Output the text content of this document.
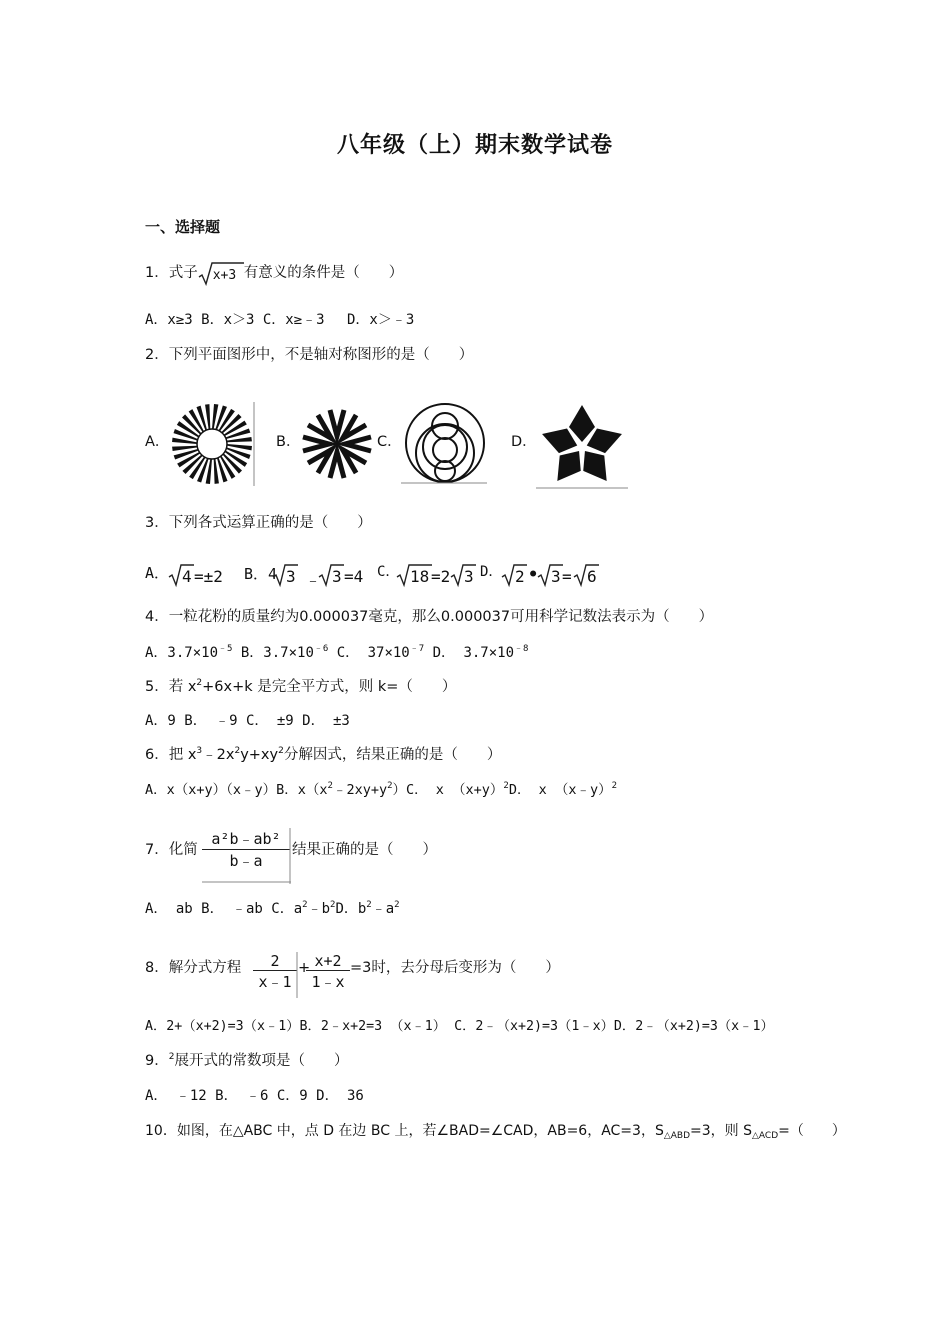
八年级（上）期末数学试卷
一、选择题
1．式子 x+3 有意义的条件是（　　）
A．x≥3 B．x＞3 C．x≥﹣3　 D．x＞﹣3
2．下列平面图形中，不是轴对称图形的是（　　）
A．	B．	C．	D．
3．下列各式运算正确的是（　　）
A． 4 =±2 B．4 3 ﹣ 3 =4 C． 18 =2 3 D． 2 • 3 = 6
4．一粒花粉的质量约为0.000037毫克，那么0.000037可用科学记数法表示为（　　）
A．$3.7\times 10^{﹣5}$ B．$3.7\times 10^{﹣6}$ C． $37\times 10^{﹣7}$ D． $3.7\times 10^{﹣8}$
5．若 $x^2+6x+k$ 是完全平方式，则 k=（　　）
A．9 B． ﹣9 C． ±9 D． ±3
6．把 $x^3﹣2x^2y+xy^2$分解因式，结果正确的是（　　）
A．x（x+y）（x﹣y）B．$x(x^2﹣2xy+y^2)C$． x $(x+y)^2D$． x （x﹣y）$^2$
7．化简
a²b﹣ab²
b﹣a
结果正确的是（　　）
A． ab B． ﹣ab C．$a^2﹣b^2D$．$b^2﹣a^2$
8．解分式方程	2
x﹣1
+ x+2
1﹣x
=3时，去分母后变形为（　　）
A．2+（x+2)=3（x﹣1）B．2﹣x+2=3 （x﹣1） C．2﹣（x+2)=3（1﹣x）D．2﹣（x+2)=3（x﹣1）
9．$^2$展开式的常数项是（　　）
A． ﹣12 B． ﹣6 C．9 D． 36
10．如图，在△ABC 中，点 D 在边 BC 上，若∠BAD=∠CAD，AB=6，AC=3，$S_{\triangle ABD}=3$，则 $S_{\triangle ACD}=$（　　）
